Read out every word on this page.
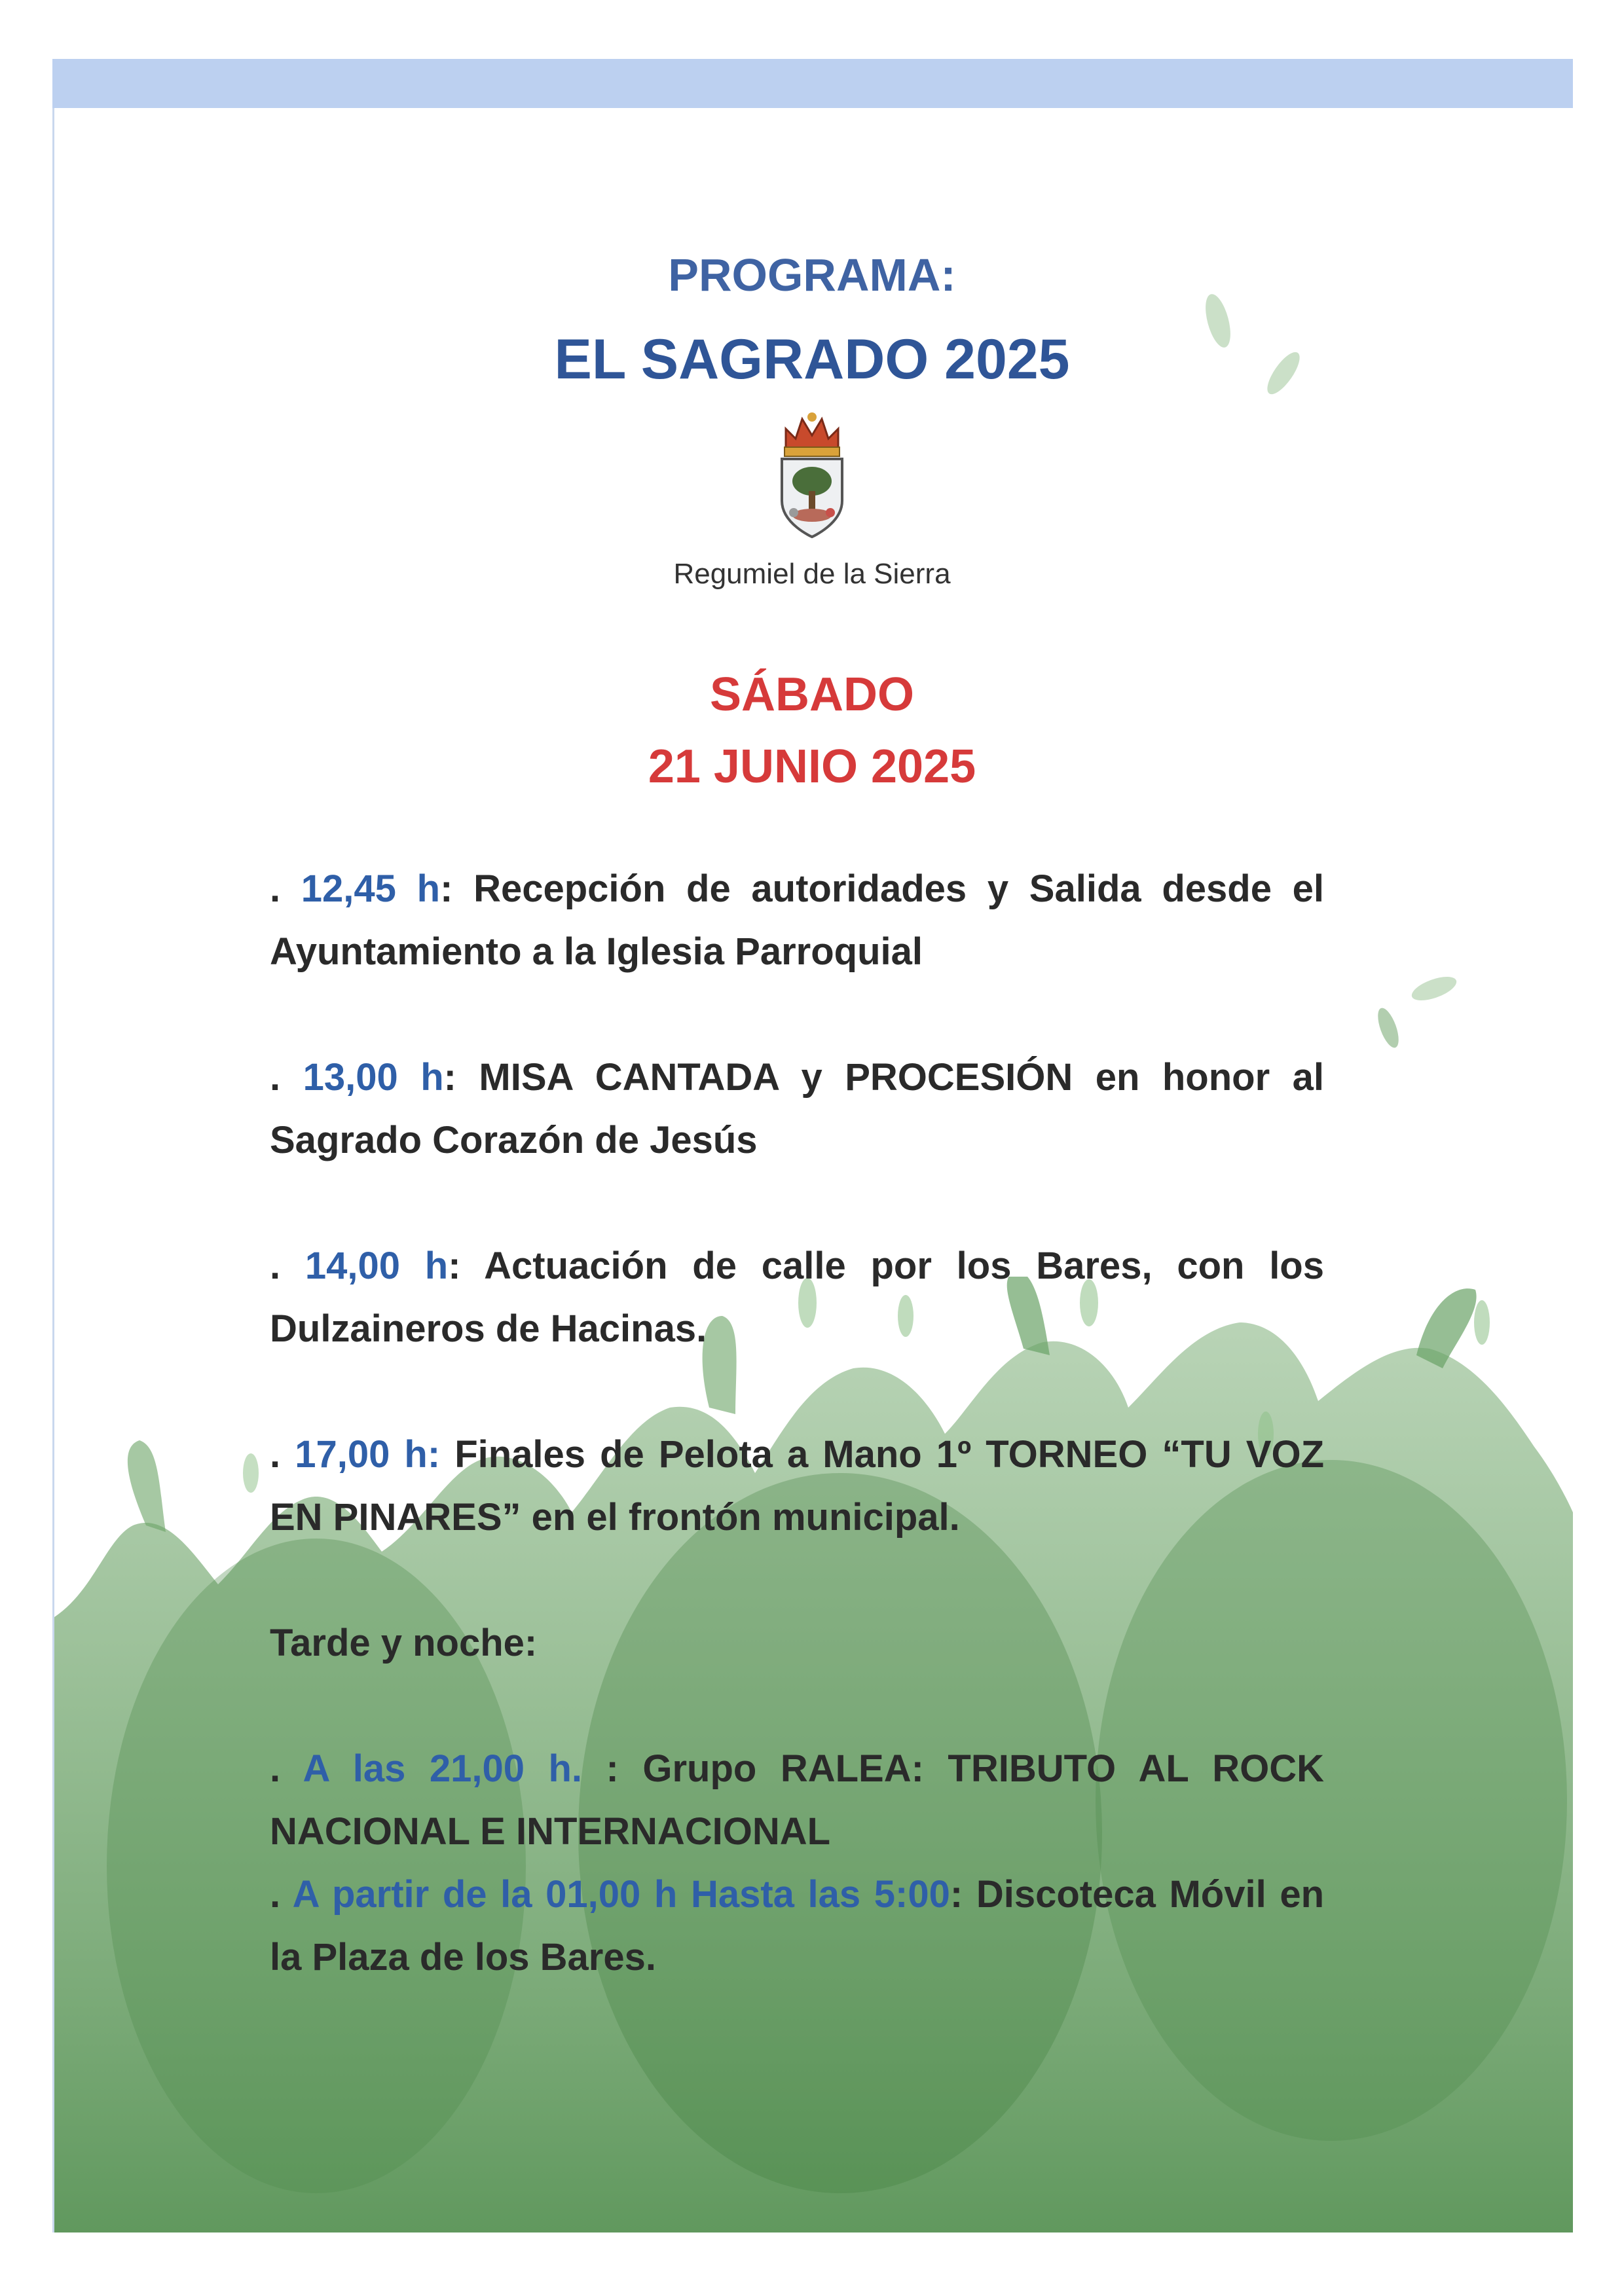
PROGRAMA:
EL SAGRADO 2025
Regumiel de la Sierra
SÁBADO
21 JUNIO 2025
. 12,45 h: Recepción de autoridades y Salida desde el Ayuntamiento a la Iglesia Parroquial
. 13,00 h: MISA CANTADA y PROCESIÓN en honor al Sagrado Corazón de Jesús
. 14,00 h: Actuación de calle por los Bares, con los Dulzaineros de Hacinas.
. 17,00 h: Finales de Pelota a Mano 1º TORNEO “TU VOZ EN PINARES” en el frontón municipal.
Tarde y noche:
. A las 21,00 h. : Grupo RALEA: TRIBUTO AL ROCK NACIONAL E INTERNACIONAL
. A partir de la 01,00 h Hasta las 5:00: Discoteca Móvil en la Plaza de los Bares.
